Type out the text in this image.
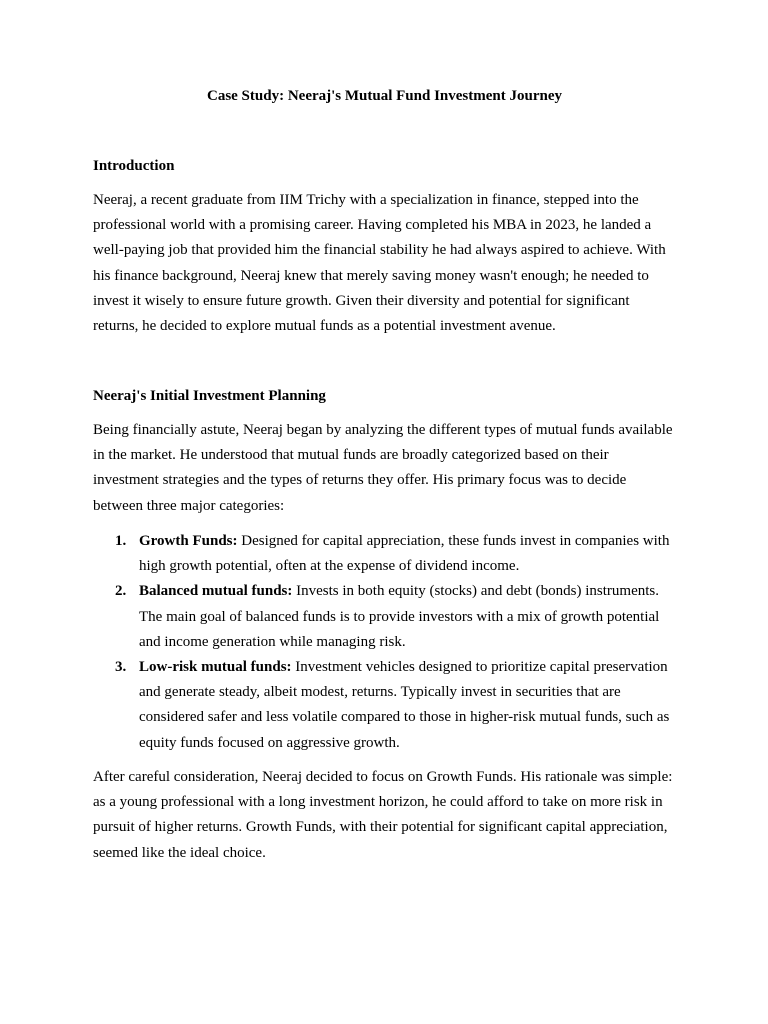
Case Study: Neeraj's Mutual Fund Investment Journey
Introduction

Neeraj, a recent graduate from IIM Trichy with a specialization in finance, stepped into the professional world with a promising career. Having completed his MBA in 2023, he landed a well-paying job that provided him the financial stability he had always aspired to achieve. With his finance background, Neeraj knew that merely saving money wasn't enough; he needed to invest it wisely to ensure future growth. Given their diversity and potential for significant returns, he decided to explore mutual funds as a potential investment avenue.

Neeraj's Initial Investment Planning

Being financially astute, Neeraj began by analyzing the different types of mutual funds available in the market. He understood that mutual funds are broadly categorized based on their investment strategies and the types of returns they offer. His primary focus was to decide between three major categories:

1. Growth Funds: Designed for capital appreciation, these funds invest in companies with high growth potential, often at the expense of dividend income.
2. Balanced mutual funds: Invests in both equity (stocks) and debt (bonds) instruments. The main goal of balanced funds is to provide investors with a mix of growth potential and income generation while managing risk.
3. Low-risk mutual funds: Investment vehicles designed to prioritize capital preservation and generate steady, albeit modest, returns. Typically invest in securities that are considered safer and less volatile compared to those in higher-risk mutual funds, such as equity funds focused on aggressive growth.

After careful consideration, Neeraj decided to focus on Growth Funds. His rationale was simple: as a young professional with a long investment horizon, he could afford to take on more risk in pursuit of higher returns. Growth Funds, with their potential for significant capital appreciation, seemed like the ideal choice.
